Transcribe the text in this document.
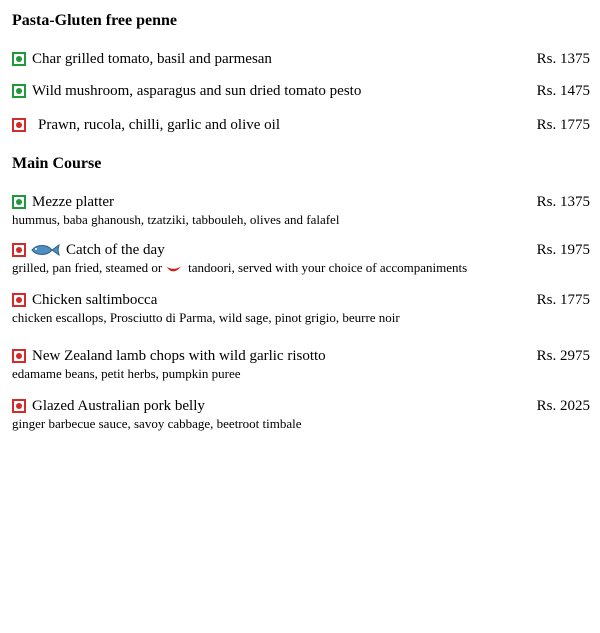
Pasta-Gluten free penne
Char grilled tomato, basil and parmesan	Rs. 1375
Wild mushroom, asparagus and sun dried tomato pesto	Rs. 1475
Prawn, rucola, chilli, garlic and olive oil	Rs. 1775
Main Course
Mezze platter	Rs. 1375
hummus, baba ghanoush, tzatziki, tabbouleh, olives and falafel
Catch of the day	Rs. 1975
grilled, pan fried, steamed or tandoori, served with your choice of accompaniments
Chicken saltimbocca	Rs. 1775
chicken escallops, Prosciutto di Parma, wild sage, pinot grigio, beurre noir
New Zealand lamb chops with wild garlic risotto	Rs. 2975
edamame beans, petit herbs, pumpkin puree
Glazed Australian pork belly	Rs. 2025
ginger barbecue sauce, savoy cabbage, beetroot timbale
